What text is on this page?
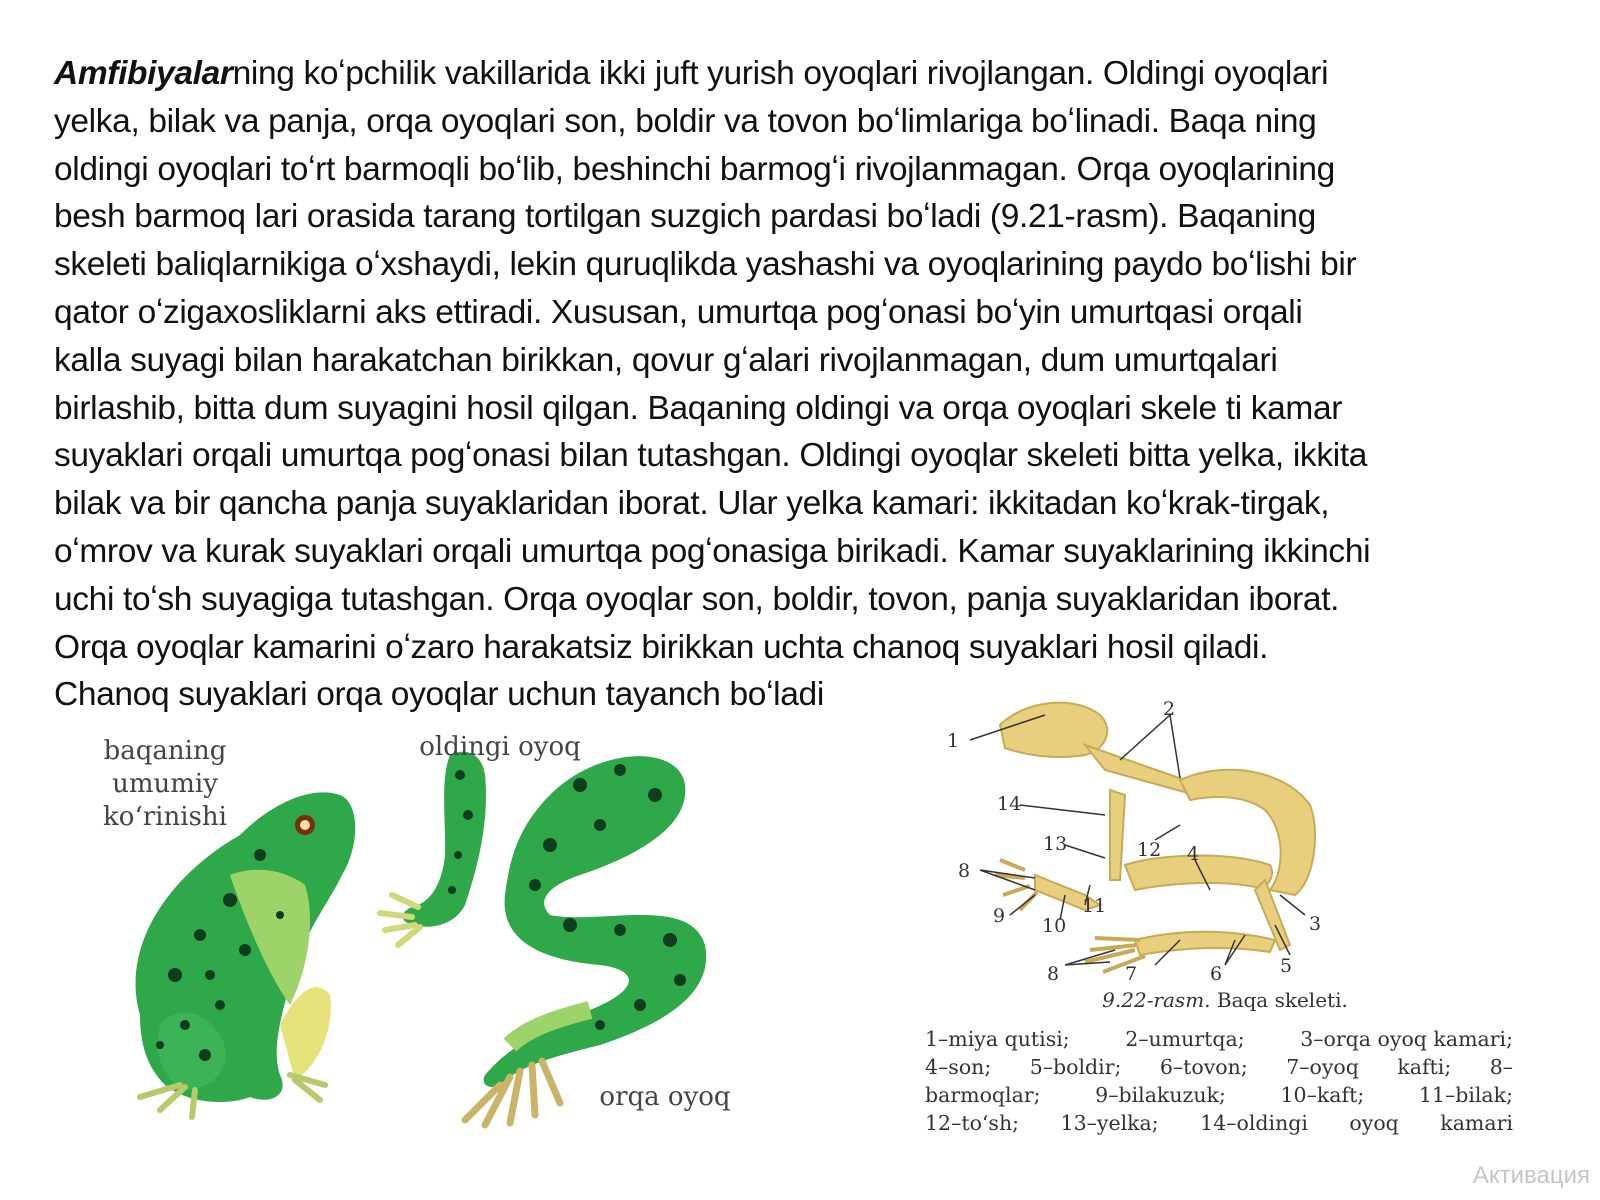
Amfibiyalarning koʻpchilik vakillarida ikki juft yurish oyoqlari rivojlangan. Oldingi oyoqlari
yelka, bilak va panja, orqa oyoqlari son, boldir va tovon boʻlimlariga boʻlinadi. Baqa ning
oldingi oyoqlari toʻrt barmoqli boʻlib, beshinchi barmogʻi rivojlanmagan. Orqa oyoqlarining
besh barmoq lari orasida tarang tortilgan suzgich pardasi boʻladi (9.21-rasm). Baqaning
skeleti baliqlarnikiga oʻxshaydi, lekin quruqlikda yashashi va oyoqlarining paydo boʻlishi bir
qator oʻzigaxosliklarni aks ettiradi. Xususan, umurtqa pogʻonasi boʻyin umurtqasi orqali
kalla suyagi bilan harakatchan birikkan, qovur gʻalari rivojlanmagan, dum umurtqalari
birlashib, bitta dum suyagini hosil qilgan. Baqaning oldingi va orqa oyoqlari skele ti kamar
suyaklari orqali umurtqa pogʻonasi bilan tutashgan. Oldingi oyoqlar skeleti bitta yelka, ikkita
bilak va bir qancha panja suyaklaridan iborat. Ular yelka kamari: ikkitadan koʻkrak-tirgak,
oʻmrov va kurak suyaklari orqali umurtqa pogʻonasiga birikadi. Kamar suyaklarining ikkinchi
uchi toʻsh suyagiga tutashgan. Orqa oyoqlar son, boldir, tovon, panja suyaklaridan iborat.
Orqa oyoqlar kamarini oʻzaro harakatsiz birikkan uchta chanoq suyaklari hosil qiladi.
Chanoq suyaklari orqa oyoqlar uchun tayanch boʻladi

baqaning
umumiy
koʻrinishi
oldingi oyoq
orqa oyoq
1
2
14
13	12 4
8
9 10
11
3
8	7	6	5
9.22-rasm. Baqa skeleti.
1–miya qutisi;	2–umurtqa;	3–orqa oyoq kamari;
4–son; 5–boldir; 6–tovon; 7–oyoq kafti; 8–
barmoqlar;	9–bilakuzuk;	10–kaft;	11–bilak;
12–toʻsh; 13–yelka; 14–oldingi oyoq kamari
Активация
